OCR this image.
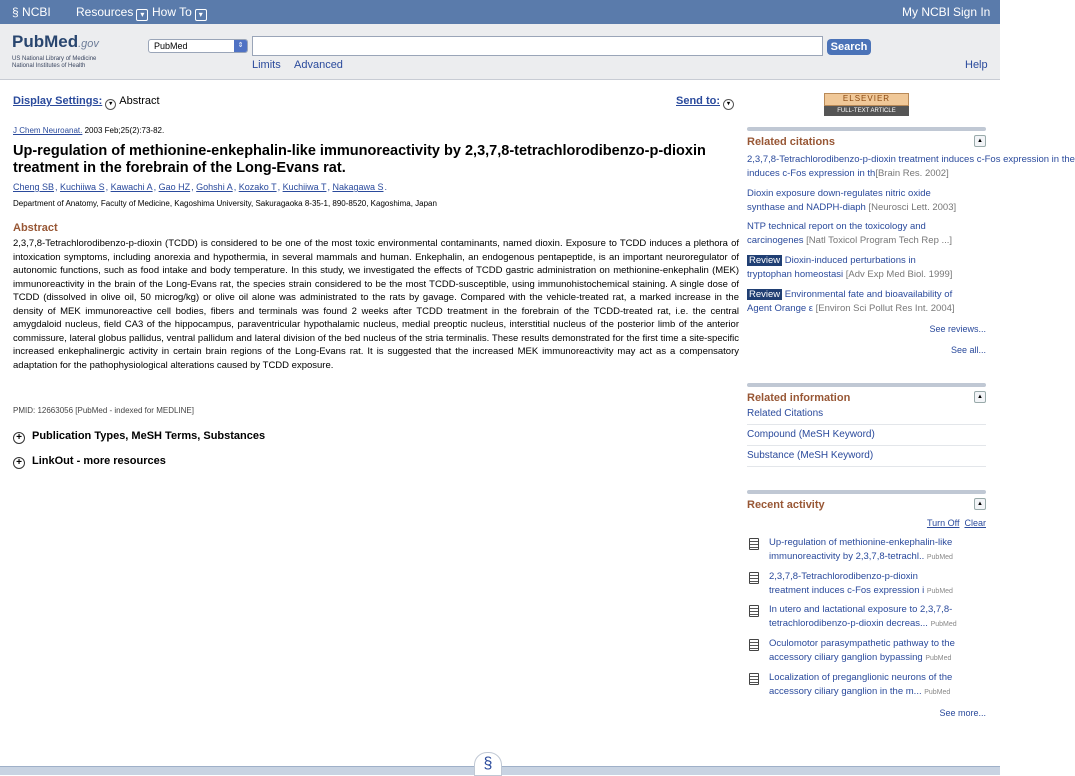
§ NCBI Resources ▾ How To ▾	My NCBI Sign In
PubMed.gov
US National Library of Medicine
National Institutes of Health
PubMed	⇕	Search
Limits Advanced	Help
Display Settings: ▾ Abstract	Send to: ▾
J Chem Neuroanat. 2003 Feb;25(2):73-82.
Up-regulation of methionine-enkephalin-like immunoreactivity by 2,3,7,8-tetrachlorodibenzo-p-dioxin treatment in the forebrain of the Long-Evans rat.
Cheng SB, Kuchiiwa S, Kawachi A, Gao HZ, Gohshi A, Kozako T, Kuchiiwa T, Nakagawa S.
Department of Anatomy, Faculty of Medicine, Kagoshima University, Sakuragaoka 8-35-1, 890-8520, Kagoshima, Japan
Abstract
2,3,7,8-Tetrachlorodibenzo-p-dioxin (TCDD) is considered to be one of the most toxic environmental contaminants, named dioxin. Exposure to TCDD induces a plethora of intoxication symptoms, including anorexia and hypothermia, in several mammals and human. Enkephalin, an endogenous pentapeptide, is an important neuroregulator of autonomic functions, such as food intake and body temperature. In this study, we investigated the effects of TCDD gastric administration on methionine-enkephalin (MEK) immunoreactivity in the brain of the Long-Evans rat, the species strain considered to be the most TCDD-susceptible, using immunohistochemical staining. A single dose of TCDD (dissolved in olive oil, 50 microg/kg) or olive oil alone was administrated to the rats by gavage. Compared with the vehicle-treated rat, a marked increase in the density of MEK immunoreactive cell bodies, fibers and terminals was found 2 weeks after TCDD treatment in the forebrain of the TCDD-treated rat, i.e. the central amygdaloid nucleus, field CA3 of the hippocampus, paraventricular hypothalamic nucleus, medial preoptic nucleus, interstitial nucleus of the posterior limb of the anterior commissure, lateral globus pallidus, ventral pallidum and lateral division of the bed nucleus of the stria terminalis. These results demonstrated for the first time a site-specific increased enkephalinergic activity in certain brain regions of the Long-Evans rat. It is suggested that the increased MEK immunoreactivity may act as a compensatory adaptation for the pathophysiological alterations caused by TCDD exposure.
PMID: 12663056 [PubMed - indexed for MEDLINE]
+ Publication Types, MeSH Terms, Substances
+ LinkOut - more resources
ELSEVIER
FULL-TEXT ARTICLE
▲
Related citations
2,3,7,8-Tetrachlorodibenzo-p-dioxin treatment induces c-Fos expression in the
induces c-Fos expression in th[Brain Res. 2002]
Dioxin exposure down-regulates nitric oxide
synthase and NADPH-diaph [Neurosci Lett. 2003]
NTP technical report on the toxicology and
carcinogenes [Natl Toxicol Program Tech Rep ...]
Review Dioxin-induced perturbations in
tryptophan homeostasi [Adv Exp Med Biol. 1999]
Review Environmental fate and bioavailability of
Agent Orange ε [Environ Sci Pollut Res Int. 2004]
See reviews...
See all...
▲
Related information
Related Citations
Compound (MeSH Keyword)
Substance (MeSH Keyword)
▲
Recent activity
Turn Off Clear
Up-regulation of methionine-enkephalin-like
immunoreactivity by 2,3,7,8-tetrachl.. PubMed
2,3,7,8-Tetrachlorodibenzo-p-dioxin
treatment induces c-Fos expression i PubMed
In utero and lactational exposure to 2,3,7,8-
tetrachlorodibenzo-p-dioxin decreas... PubMed
Oculomotor parasympathetic pathway to the
accessory ciliary ganglion bypassing PubMed
Localization of preganglionic neurons of the
accessory ciliary ganglion in the m... PubMed
See more...
§
